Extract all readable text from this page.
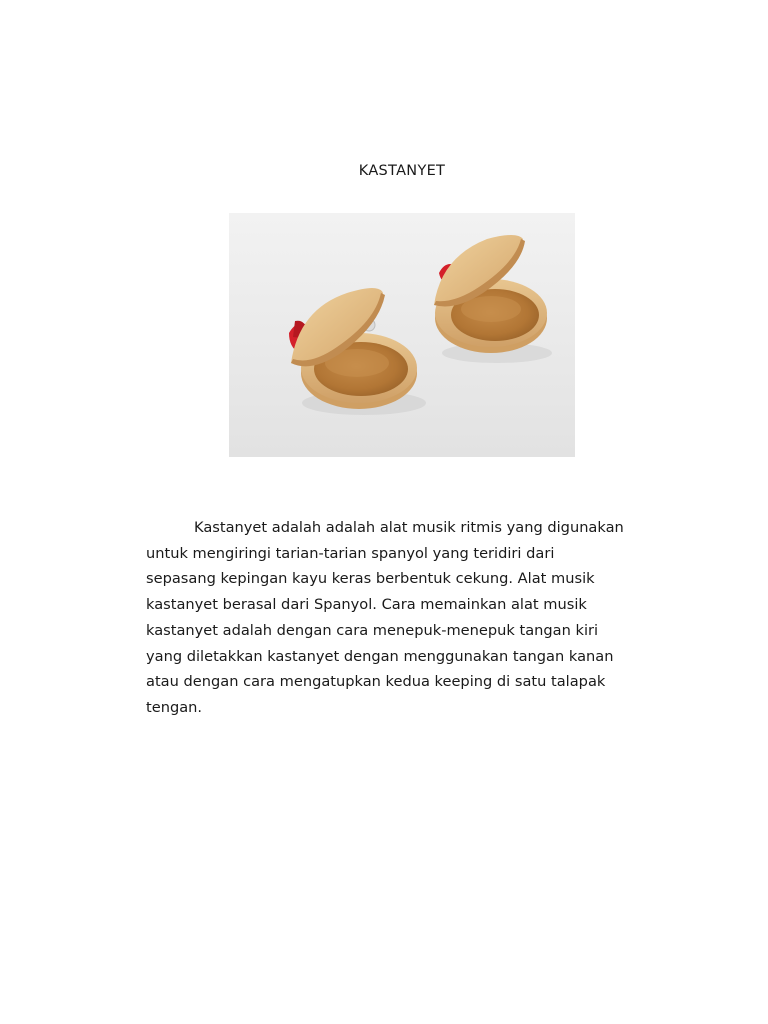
KASTANYET
Kastanyet adalah adalah alat musik ritmis yang digunakan
untuk mengiringi tarian-tarian spanyol yang teridiri dari
sepasang kepingan kayu keras berbentuk cekung. Alat musik
kastanyet berasal dari Spanyol. Cara memainkan alat musik
kastanyet adalah dengan cara menepuk-menepuk tangan kiri
yang diletakkan kastanyet dengan menggunakan tangan kanan
atau dengan cara mengatupkan kedua keeping di satu talapak
tengan.
